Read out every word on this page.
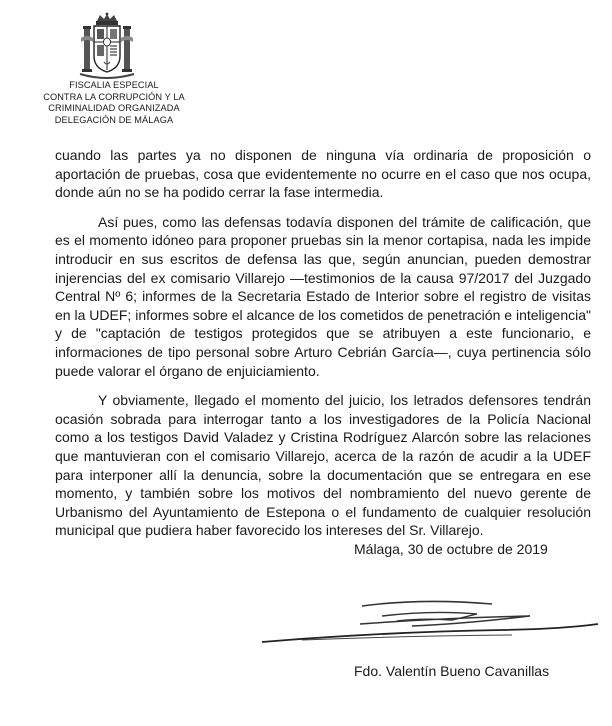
FISCALIA ESPECIAL
CONTRA LA CORRUPCIÓN Y LA
CRIMINALIDAD ORGANIZADA
DELEGACIÓN DE MÁLAGA

cuando las partes ya no disponen de ninguna vía ordinaria de proposición o aportación de pruebas, cosa que evidentemente no ocurre en el caso que nos ocupa, donde aún no se ha podido cerrar la fase intermedia.

Así pues, como las defensas todavía disponen del trámite de calificación, que es el momento idóneo para proponer pruebas sin la menor cortapisa, nada les impide introducir en sus escritos de defensa las que, según anuncian, pueden demostrar injerencias del ex comisario Villarejo —testimonios de la causa 97/2017 del Juzgado Central Nº 6; informes de la Secretaria Estado de Interior sobre el registro de visitas en la UDEF; informes sobre el alcance de los cometidos de penetración e inteligencia" y de "captación de testigos protegidos que se atribuyen a este funcionario, e informaciones de tipo personal sobre Arturo Cebrián García—, cuya pertinencia sólo puede valorar el órgano de enjuiciamiento.

Y obviamente, llegado el momento del juicio, los letrados defensores tendrán ocasión sobrada para interrogar tanto a los investigadores de la Policía Nacional como a los testigos David Valadez y Cristina Rodríguez Alarcón sobre las relaciones que mantuvieran con el comisario Villarejo, acerca de la razón de acudir a la UDEF para interponer allí la denuncia, sobre la documentación que se entregara en ese momento, y también sobre los motivos del nombramiento del nuevo gerente de Urbanismo del Ayuntamiento de Estepona o el fundamento de cualquier resolución municipal que pudiera haber favorecido los intereses del Sr. Villarejo.

Málaga, 30 de octubre de 2019
Fdo. Valentín Bueno Cavanillas
